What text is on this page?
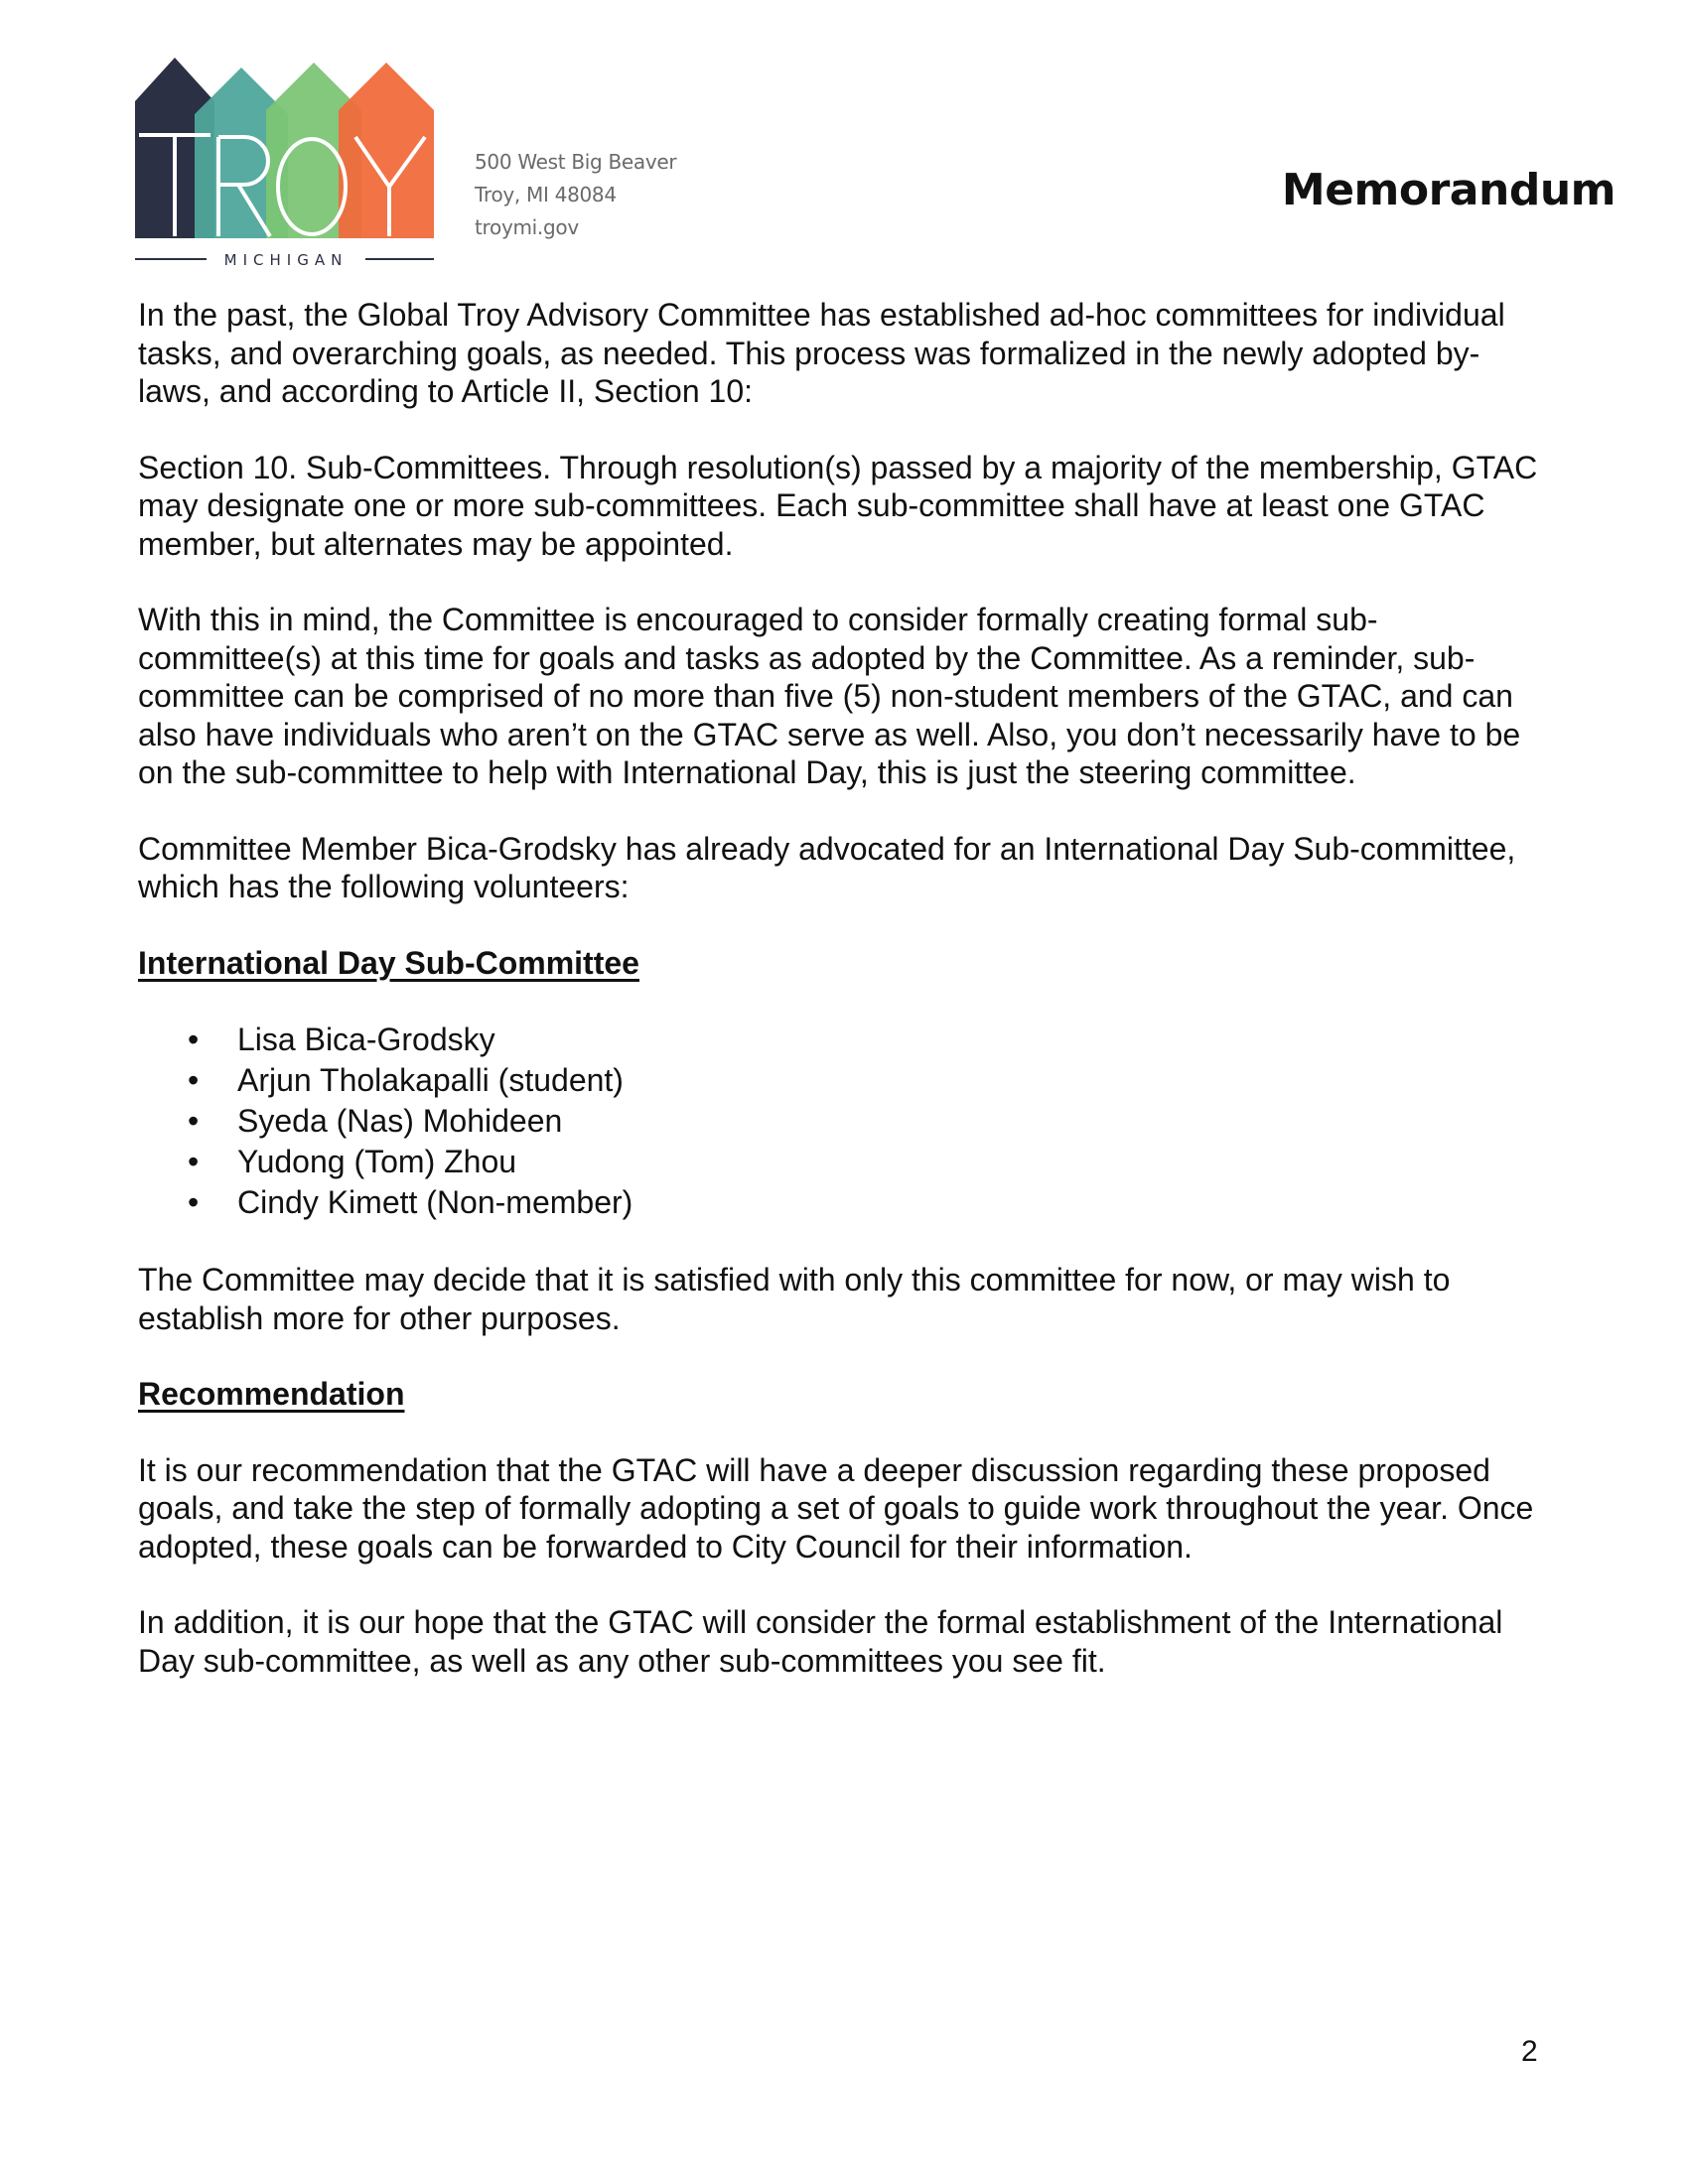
MICHIGAN
500 West Big Beaver
Troy, MI 48084
troymi.gov
Memorandum

In the past, the Global Troy Advisory Committee has established ad-hoc committees for individual tasks, and overarching goals, as needed. This process was formalized in the newly adopted by-laws, and according to Article II, Section 10:

Section 10. Sub-Committees. Through resolution(s) passed by a majority of the membership, GTAC may designate one or more sub-committees. Each sub-committee shall have at least one GTAC member, but alternates may be appointed.

With this in mind, the Committee is encouraged to consider formally creating formal sub-committee(s) at this time for goals and tasks as adopted by the Committee. As a reminder, sub-committee can be comprised of no more than five (5) non-student members of the GTAC, and can also have individuals who aren’t on the GTAC serve as well. Also, you don’t necessarily have to be on the sub-committee to help with International Day, this is just the steering committee.

Committee Member Bica-Grodsky has already advocated for an International Day Sub-committee, which has the following volunteers:

International Day Sub-Committee

• Lisa Bica-Grodsky
• Arjun Tholakapalli (student)
• Syeda (Nas) Mohideen
• Yudong (Tom) Zhou
• Cindy Kimett (Non-member)

The Committee may decide that it is satisfied with only this committee for now, or may wish to establish more for other purposes.

Recommendation

It is our recommendation that the GTAC will have a deeper discussion regarding these proposed goals, and take the step of formally adopting a set of goals to guide work throughout the year. Once adopted, these goals can be forwarded to City Council for their information.

In addition, it is our hope that the GTAC will consider the formal establishment of the International Day sub-committee, as well as any other sub-committees you see fit.

2
